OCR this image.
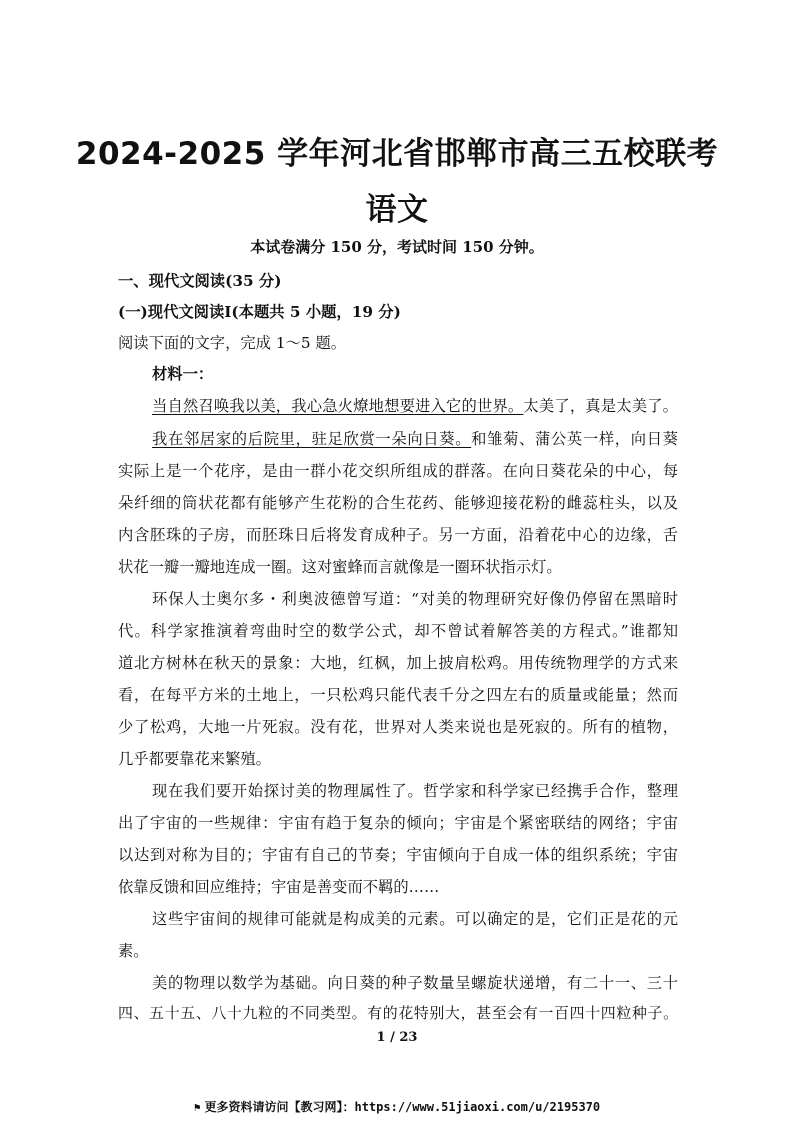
2024-2025 学年河北省邯郸市高三五校联考
语文
本试卷满分 150 分，考试时间 150 分钟。
一、现代文阅读(35 分)
(一)现代文阅读Ⅰ(本题共 5 小题，19 分)
阅读下面的文字，完成 1～5 题。
材料一：
当自然召唤我以美，我心急火燎地想要进入它的世界。太美了，真是太美了。
我在邻居家的后院里，驻足欣赏一朵向日葵。和雏菊、蒲公英一样，向日葵
实际上是一个花序，是由一群小花交织所组成的群落。在向日葵花朵的中心，每
朵纤细的筒状花都有能够产生花粉的合生花药、能够迎接花粉的雌蕊柱头，以及
内含胚珠的子房，而胚珠日后将发育成种子。另一方面，沿着花中心的边缘，舌
状花一瓣一瓣地连成一圈。这对蜜蜂而言就像是一圈环状指示灯。
环保人士奥尔多・利奥波德曾写道：“对美的物理研究好像仍停留在黑暗时
代。科学家推演着弯曲时空的数学公式，却不曾试着解答美的方程式。”谁都知
道北方树林在秋天的景象：大地，红枫，加上披肩松鸡。用传统物理学的方式来
看，在每平方米的土地上，一只松鸡只能代表千分之四左右的质量或能量；然而
少了松鸡，大地一片死寂。没有花，世界对人类来说也是死寂的。所有的植物，
几乎都要靠花来繁殖。
现在我们要开始探讨美的物理属性了。哲学家和科学家已经携手合作，整理
出了宇宙的一些规律：宇宙有趋于复杂的倾向；宇宙是个紧密联结的网络；宇宙
以达到对称为目的；宇宙有自己的节奏；宇宙倾向于自成一体的组织系统；宇宙
依靠反馈和回应维持；宇宙是善变而不羁的……
这些宇宙间的规律可能就是构成美的元素。可以确定的是，它们正是花的元
素。
美的物理以数学为基础。向日葵的种子数量呈螺旋状递增，有二十一、三十
四、五十五、八十九粒的不同类型。有的花特别大，甚至会有一百四十四粒种子。
1 / 23
⚑ 更多资料请访问【教习网】：https://www.51jiaoxi.com/u/2195370
